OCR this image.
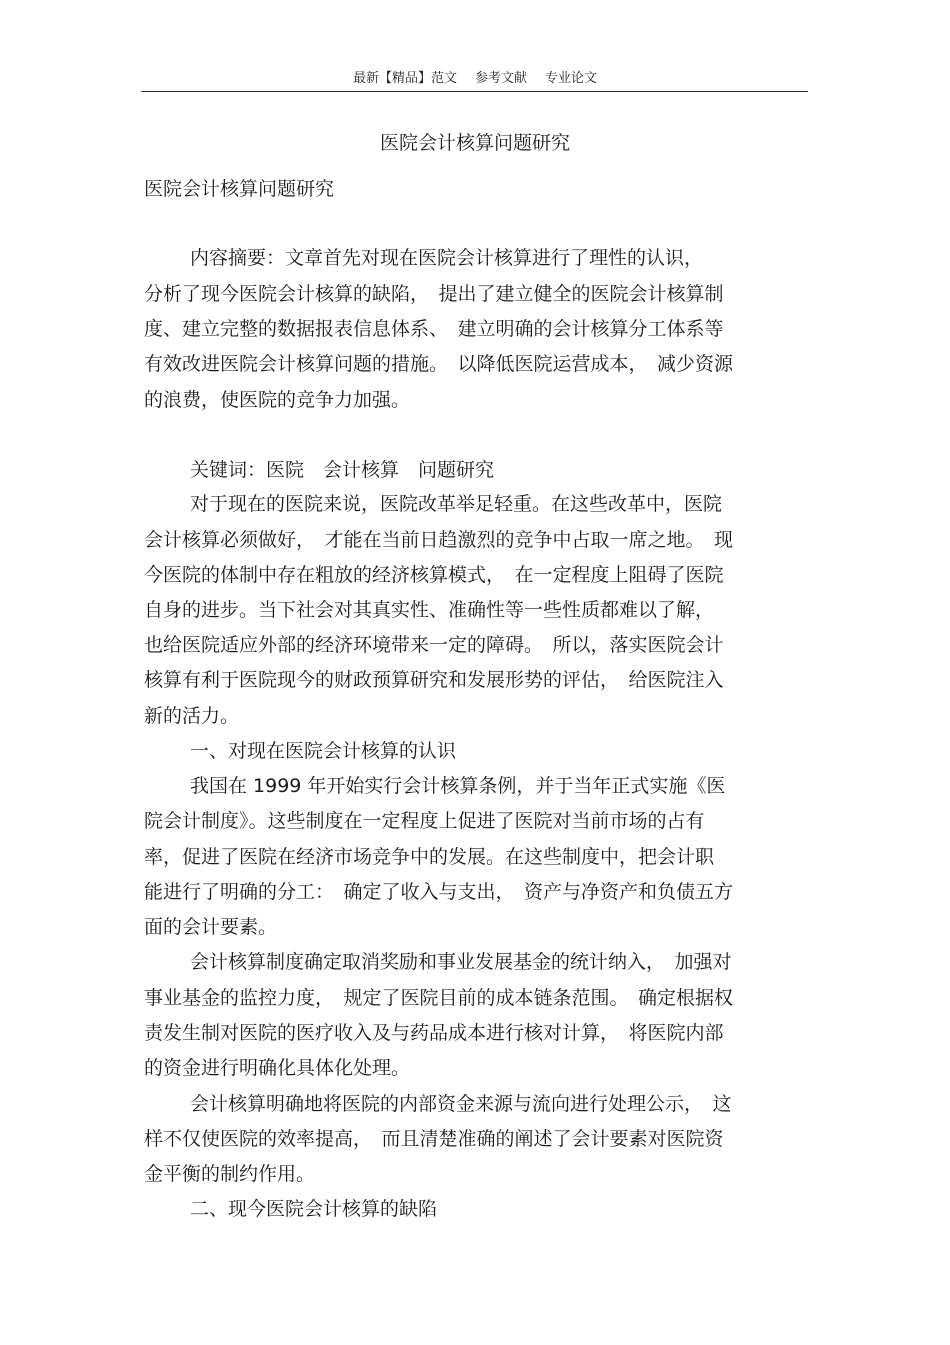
最新【精品】范文 参考文献 专业论文
医院会计核算问题研究
医院会计核算问题研究
内容摘要：文章首先对现在医院会计核算进行了理性的认识，
分析了现今医院会计核算的缺陷，　提出了建立健全的医院会计核算制
度、建立完整的数据报表信息体系、　建立明确的会计核算分工体系等
有效改进医院会计核算问题的措施。　以降低医院运营成本，　减少资源
的浪费，使医院的竞争力加强。
关键词：医院　会计核算　问题研究
对于现在的医院来说，医院改革举足轻重。在这些改革中，医院
会计核算必须做好，　才能在当前日趋激烈的竞争中占取一席之地。　现
今医院的体制中存在粗放的经济核算模式，　在一定程度上阻碍了医院
自身的进步。当下社会对其真实性、准确性等一些性质都难以了解，
也给医院适应外部的经济环境带来一定的障碍。　所以，落实医院会计
核算有利于医院现今的财政预算研究和发展形势的评估，　给医院注入
新的活力。
一、对现在医院会计核算的认识
我国在 1999 年开始实行会计核算条例，并于当年正式实施《医
院会计制度》。这些制度在一定程度上促进了医院对当前市场的占有
率，促进了医院在经济市场竞争中的发展。在这些制度中，把会计职
能进行了明确的分工：　确定了收入与支出，　资产与净资产和负债五方
面的会计要素。
会计核算制度确定取消奖励和事业发展基金的统计纳入，　加强对
事业基金的监控力度，　规定了医院目前的成本链条范围。　确定根据权
责发生制对医院的医疗收入及与药品成本进行核对计算，　将医院内部
的资金进行明确化具体化处理。
会计核算明确地将医院的内部资金来源与流向进行处理公示，　这
样不仅使医院的效率提高，　而且清楚准确的阐述了会计要素对医院资
金平衡的制约作用。
二、现今医院会计核算的缺陷
